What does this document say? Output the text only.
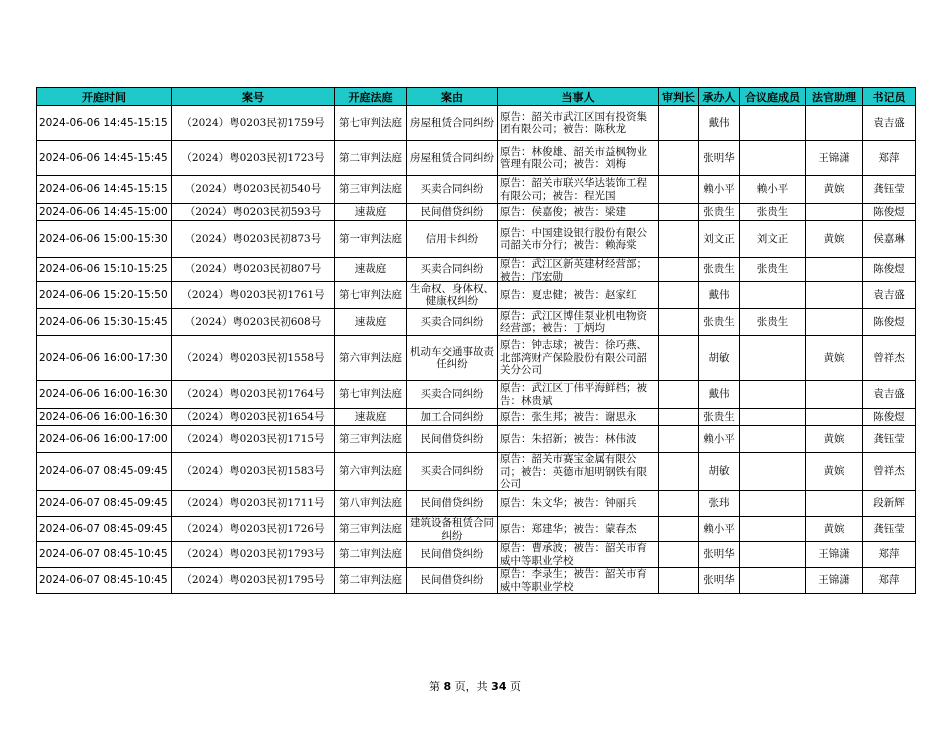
开庭时间	案号	开庭法庭	案由	当事人	审判长	承办人	合议庭成员	法官助理	书记员

2024-06-06 14:45-15:15	（2024）粤0203民初1759号	第七审判法庭	房屋租赁合同纠纷	原告：韶关市武江区国有投资集团有限公司；被告：陈秋龙		戴伟			袁吉盛

2024-06-06 14:45-15:45	（2024）粤0203民初1723号	第二审判法庭	房屋租赁合同纠纷	原告：林俊雄、韶关市益枫物业管理有限公司；被告：刘梅		张明华		王锦潇	郑萍

2024-06-06 14:45-15:15	（2024）粤0203民初540号	第三审判法庭	买卖合同纠纷	原告：韶关市联兴华达装饰工程有限公司；被告：程光国		赖小平	赖小平	黄嫔	龚钰莹

2024-06-06 14:45-15:00	（2024）粤0203民初593号	速裁庭	民间借贷纠纷	原告：侯嘉俊；被告：梁建		张贵生	张贵生		陈俊煜

2024-06-06 15:00-15:30	（2024）粤0203民初873号	第一审判法庭	信用卡纠纷	原告：中国建设银行股份有限公司韶关市分行；被告：赖海棠		刘文正	刘文正	黄嫔	侯嘉琳

2024-06-06 15:10-15:25	（2024）粤0203民初807号	速裁庭	买卖合同纠纷	原告：武江区新英建材经营部；被告：邝宏勋		张贵生	张贵生		陈俊煜

2024-06-06 15:20-15:50	（2024）粤0203民初1761号	第七审判法庭	生命权、身体权、健康权纠纷	原告：夏忠健；被告：赵家红		戴伟			袁吉盛

2024-06-06 15:30-15:45	（2024）粤0203民初608号	速裁庭	买卖合同纠纷	原告：武江区博佳泵业机电物资经营部；被告：丁炳均		张贵生	张贵生		陈俊煜

2024-06-06 16:00-17:30	（2024）粤0203民初1558号	第六审判法庭	机动车交通事故责任纠纷	原告：钟志球；被告：徐巧燕、北部湾财产保险股份有限公司韶关分公司		胡敏		黄嫔	曾祥杰

2024-06-06 16:00-16:30	（2024）粤0203民初1764号	第七审判法庭	买卖合同纠纷	原告：武江区丁伟平海鲜档；被告：林贵斌		戴伟			袁吉盛

2024-06-06 16:00-16:30	（2024）粤0203民初1654号	速裁庭	加工合同纠纷	原告：张生邦；被告：谢思永		张贵生			陈俊煜

2024-06-06 16:00-17:00	（2024）粤0203民初1715号	第三审判法庭	民间借贷纠纷	原告：朱招新；被告：林伟波		赖小平		黄嫔	龚钰莹

2024-06-07 08:45-09:45	（2024）粤0203民初1583号	第六审判法庭	买卖合同纠纷	原告：韶关市赛宝金属有限公司；被告：英德市旭明钢铁有限公司		胡敏		黄嫔	曾祥杰

2024-06-07 08:45-09:45	（2024）粤0203民初1711号	第八审判法庭	民间借贷纠纷	原告：朱文华；被告：钟丽兵		张玮			段新辉

2024-06-07 08:45-09:45	（2024）粤0203民初1726号	第三审判法庭	建筑设备租赁合同纠纷	原告：郑建华；被告：蒙春杰		赖小平		黄嫔	龚钰莹

2024-06-07 08:45-10:45	（2024）粤0203民初1793号	第二审判法庭	民间借贷纠纷	原告：曹承波；被告：韶关市育威中等职业学校		张明华		王锦潇	郑萍

2024-06-07 08:45-10:45	（2024）粤0203民初1795号	第二审判法庭	民间借贷纠纷	原告：李录生；被告：韶关市育威中等职业学校		张明华		王锦潇	郑萍
第 8 页，共 34 页
